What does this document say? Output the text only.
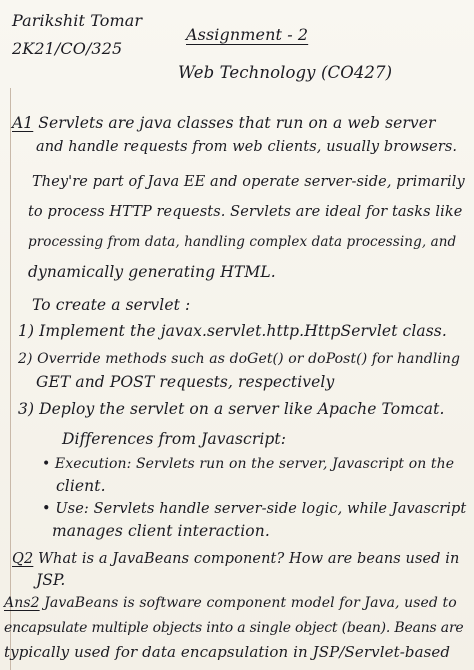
Parikshit Tomar
2K21/CO/325
Assignment - 2
Web Technology (CO427)
A1 Servlets are java classes that run on a web server
and handle requests from web clients, usually browsers.
They're part of Java EE and operate server-side, primarily
to process HTTP requests. Servlets are ideal for tasks like
processing from data, handling complex data processing, and
dynamically generating HTML.
To create a servlet :
1) Implement the javax.servlet.http.HttpServlet class.
2) Override methods such as doGet() or doPost() for handling
GET and POST requests, respectively
3) Deploy the servlet on a server like Apache Tomcat.
Differences from Javascript:
• Execution: Servlets run on the server, Javascript on the
client.
• Use: Servlets handle server-side logic, while Javascript
manages client interaction.
Q2 What is a JavaBeans component? How are beans used in
JSP.
Ans2 JavaBeans is software component model for Java, used to
encapsulate multiple objects into a single object (bean). Beans are
typically used for data encapsulation in JSP/Servlet-based
